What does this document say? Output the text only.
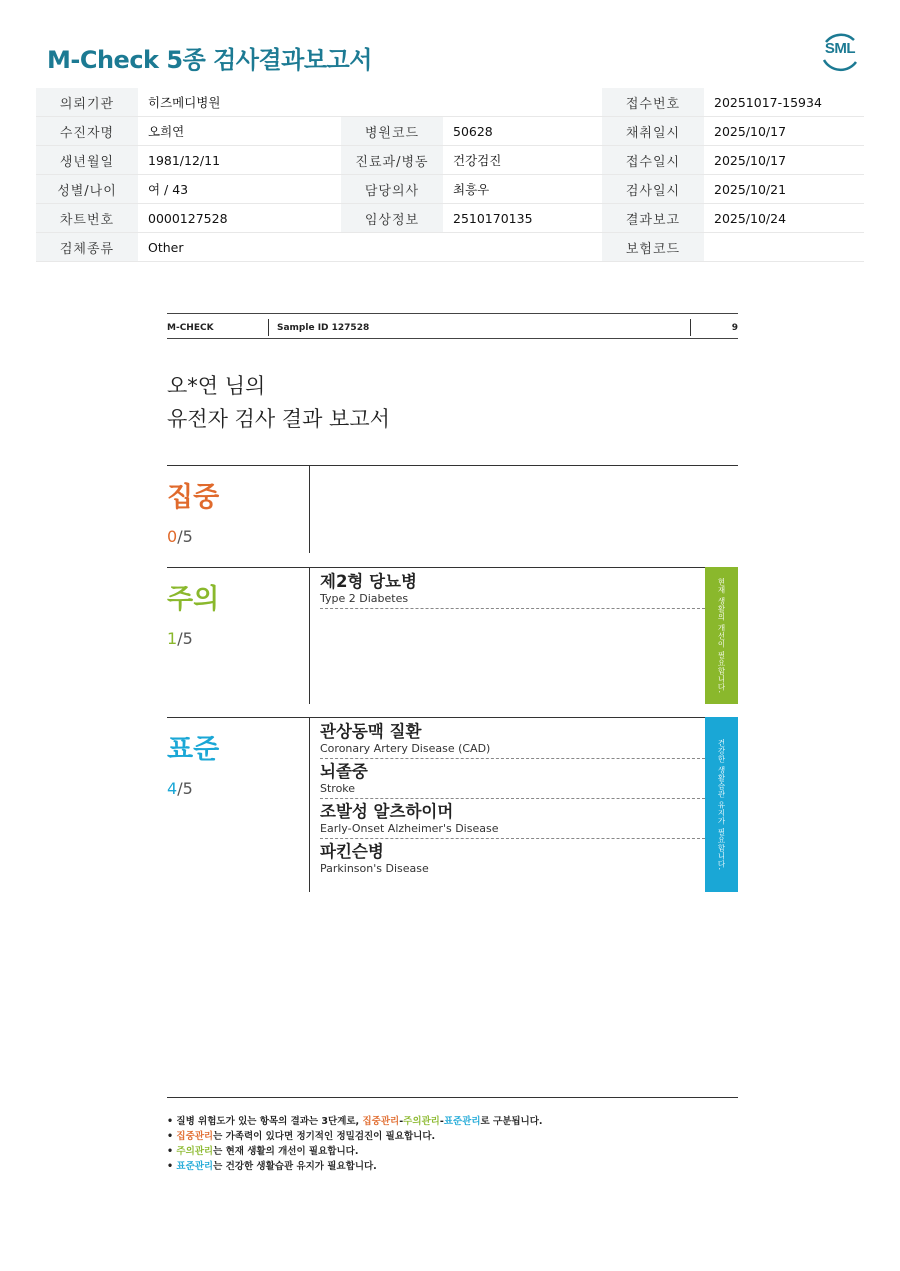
M-Check 5종 검사결과보고서	SML
의뢰기관	히즈메디병원			접수번호	20251017-15934
수진자명	오희연	병원코드	50628	채취일시	2025/10/17
생년월일	1981/12/11	진료과/병동	건강검진	접수일시	2025/10/17
성별/나이	여 / 43	담당의사	최흥우	검사일시	2025/10/21
차트번호	0000127528	임상정보	2510170135	결과보고	2025/10/24
검체종류	Other			보험코드	
M-CHECK	Sample ID 127528	9
오*연 님의
유전자 검사 결과 보고서
집중
0/5
주의
1/5
제2형 당뇨병
Type 2 Diabetes	현재 생활의 개선이 필요합니다.
표준
4/5
관상동맥 질환
Coronary Artery Disease (CAD)
뇌졸중
Stroke
조발성 알츠하이머
Early-Onset Alzheimer's Disease
파킨슨병
Parkinson's Disease	건강한 생활습관 유지가 필요합니다.
• 질병 위험도가 있는 항목의 결과는 3단계로, 집중관리-주의관리-표준관리로 구분됩니다.
• 집중관리는 가족력이 있다면 정기적인 정밀검진이 필요합니다.
• 주의관리는 현재 생활의 개선이 필요합니다.
• 표준관리는 건강한 생활습관 유지가 필요합니다.
